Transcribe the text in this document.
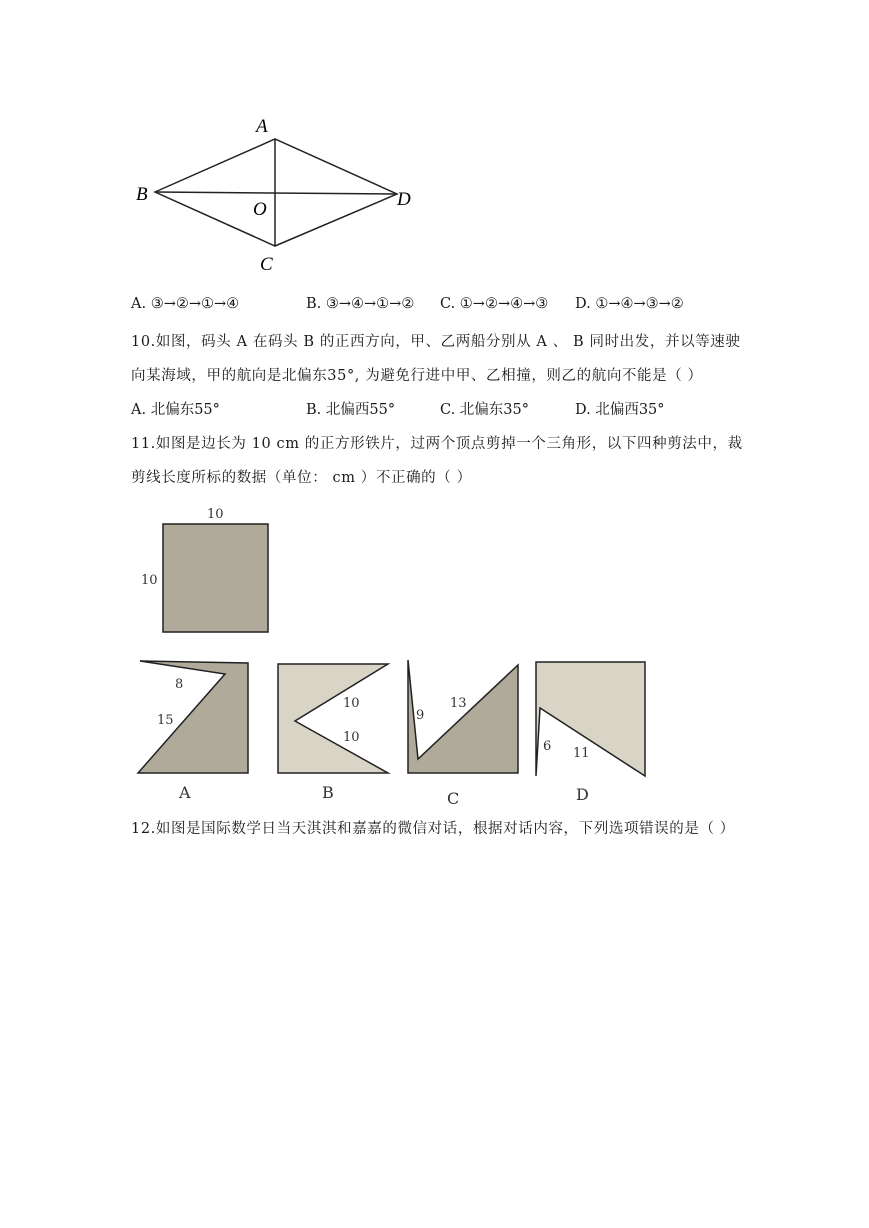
A
B
O	D
C
A. ③→②→①→④	B. ③→④→①→② C. ①→②→④→③ D. ①→④→③→②
10.如图，码头 A 在码头 B 的正西方向，甲、乙两船分别从 A 、 B 同时出发，并以等速驶
向某海域，甲的航向是北偏东35°, 为避免行进中甲、乙相撞，则乙的航向不能是（ ）
A. 北偏东55°	B. 北偏西55°	C. 北偏东35°	D. 北偏西35°
11.如图是边长为 10 cm 的正方形铁片，过两个顶点剪掉一个三角形，以下四种剪法中，裁
剪线长度所标的数据（单位： cm ）不正确的（ ）
10
10
8
15
A
10
10
B
9
13
C
6 11
D
12.如图是国际数学日当天淇淇和嘉嘉的微信对话，根据对话内容，下列选项错误的是（ ）
